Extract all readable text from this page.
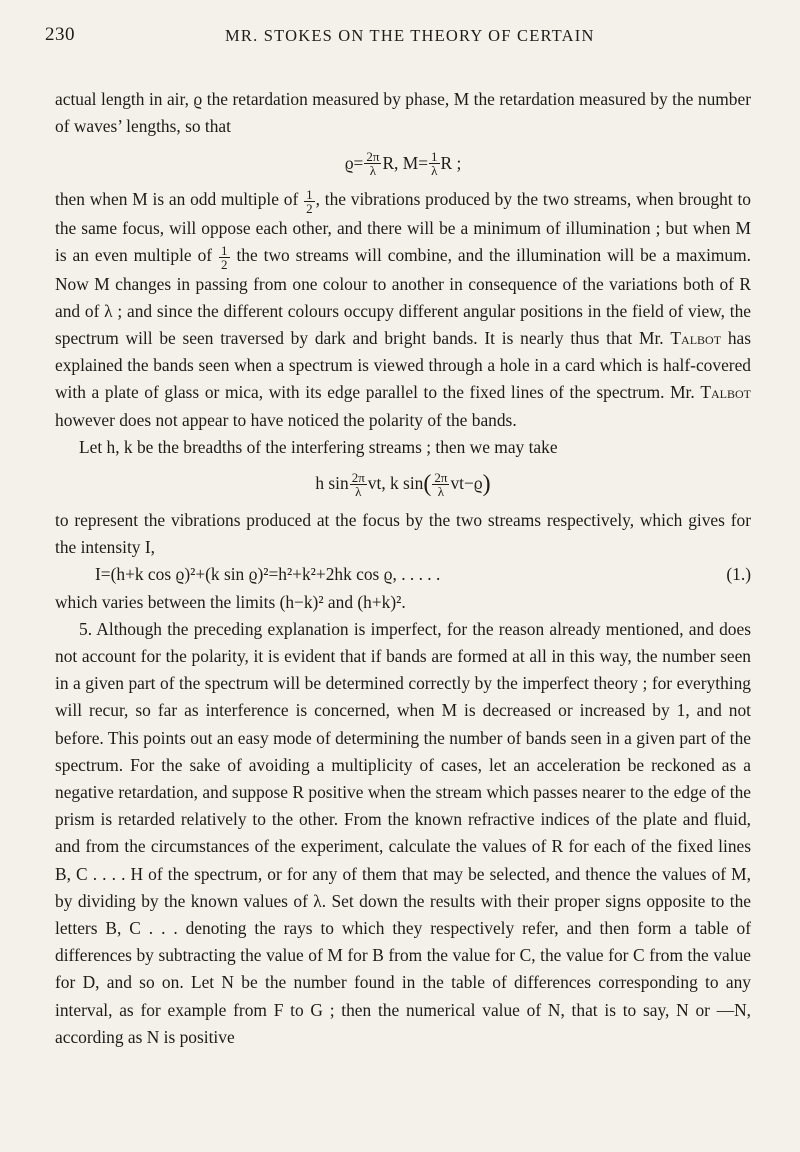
230	MR. STOKES ON THE THEORY OF CERTAIN

actual length in air, ϱ the retardation measured by phase, M the retardation measured by the number of waves’ lengths, so that

$ϱ= \frac{2\pi}{\lambda} R$, $M= \frac{1}{\lambda}$ R ;

then when M is an odd multiple of $\frac{1}{2}$ , the vibrations produced by the two streams, when brought to the same focus, will oppose each other, and there will be a minimum of illumination ; but when M is an even multiple of $\frac{1}{2}$ the two streams will combine, and the illumination will be a maximum. Now M changes in passing from one colour to another in consequence of the variations both of R and of λ ; and since the different colours occupy different angular positions in the field of view, the spectrum will be seen traversed by dark and bright bands. It is nearly thus that Mr. Talbot has explained the bands seen when a spectrum is viewed through a hole in a card which is half-covered with a plate of glass or mica, with its edge parallel to the fixed lines of the spectrum. Mr. Talbot however does not appear to have noticed the polarity of the bands.

Let h, k be the breadths of the interfering streams ; then we may take

h $\sin \frac{2\pi}{\lambda}$ vt, k sin ( $\frac{2\pi}{\lambda} vt-ϱ$ )

to represent the vibrations produced at the focus by the two streams respectively, which gives for the intensity I,

I=(h+k cos ϱ)²+(k sin ϱ)²=h²+k²+2hk cos ϱ, . . . . .	(1.)

which varies between the limits (h−k)² and (h+k)².

5. Although the preceding explanation is imperfect, for the reason already mentioned, and does not account for the polarity, it is evident that if bands are formed at all in this way, the number seen in a given part of the spectrum will be determined correctly by the imperfect theory ; for everything will recur, so far as interference is concerned, when M is decreased or increased by 1, and not before. This points out an easy mode of determining the number of bands seen in a given part of the spectrum. For the sake of avoiding a multiplicity of cases, let an acceleration be reckoned as a negative retardation, and suppose R positive when the stream which passes nearer to the edge of the prism is retarded relatively to the other. From the known refractive indices of the plate and fluid, and from the circumstances of the experiment, calculate the values of R for each of the fixed lines B, C . . . . H of the spectrum, or for any of them that may be selected, and thence the values of M, by dividing by the known values of λ. Set down the results with their proper signs opposite to the letters B, C . . . denoting the rays to which they respectively refer, and then form a table of differences by subtracting the value of M for B from the value for C, the value for C from the value for D, and so on. Let N be the number found in the table of differences corresponding to any interval, as for example from F to G ; then the numerical value of N, that is to say, N or —N, according as N is positive
